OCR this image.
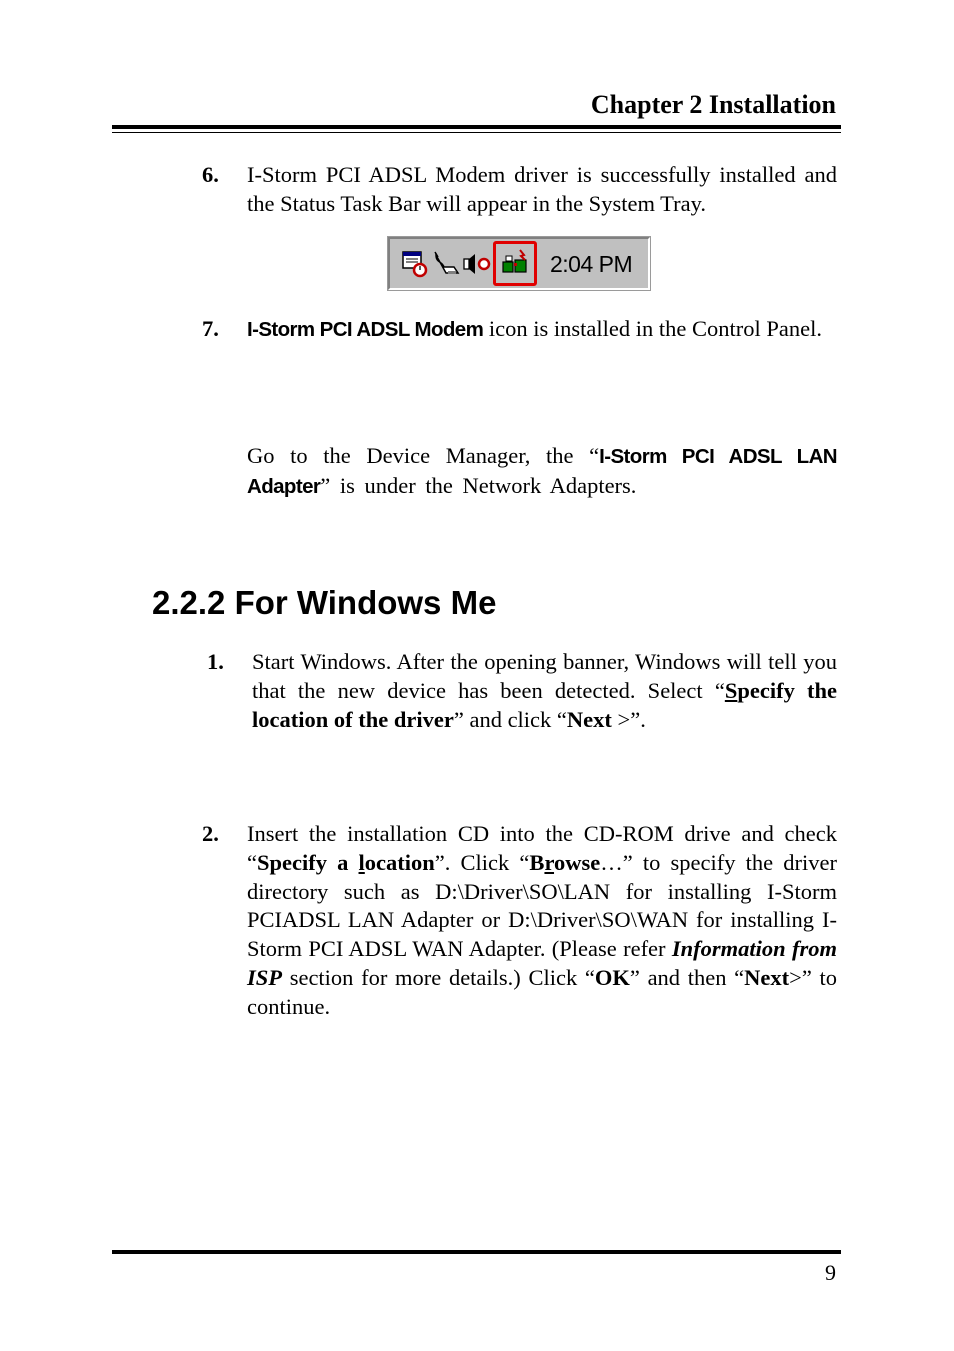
Chapter 2 Installation
6. I-Storm PCI ADSL Modem driver is successfully installed and the Status Task Bar will appear in the System Tray.
2:04 PM
7. I-Storm PCI ADSL Modem icon is installed in the Control Panel.
Go to the Device Manager, the “I-Storm PCI ADSL LAN Adapter” is under the Network Adapters.
2.2.2 For Windows Me
1. Start Windows. After the opening banner, Windows will tell you that the new device has been detected. Select “Specify the location of the driver” and click “Next >”.
2. Insert the installation CD into the CD-ROM drive and check “Specify a location”. Click “Browse…” to specify the driver directory such as D:\Driver\SO\LAN for installing I-Storm PCIADSL LAN Adapter or D:\Driver\SO\WAN for installing I-Storm PCI ADSL WAN Adapter. (Please refer Information from ISP section for more details.) Click “OK” and then “Next>” to continue.
9
